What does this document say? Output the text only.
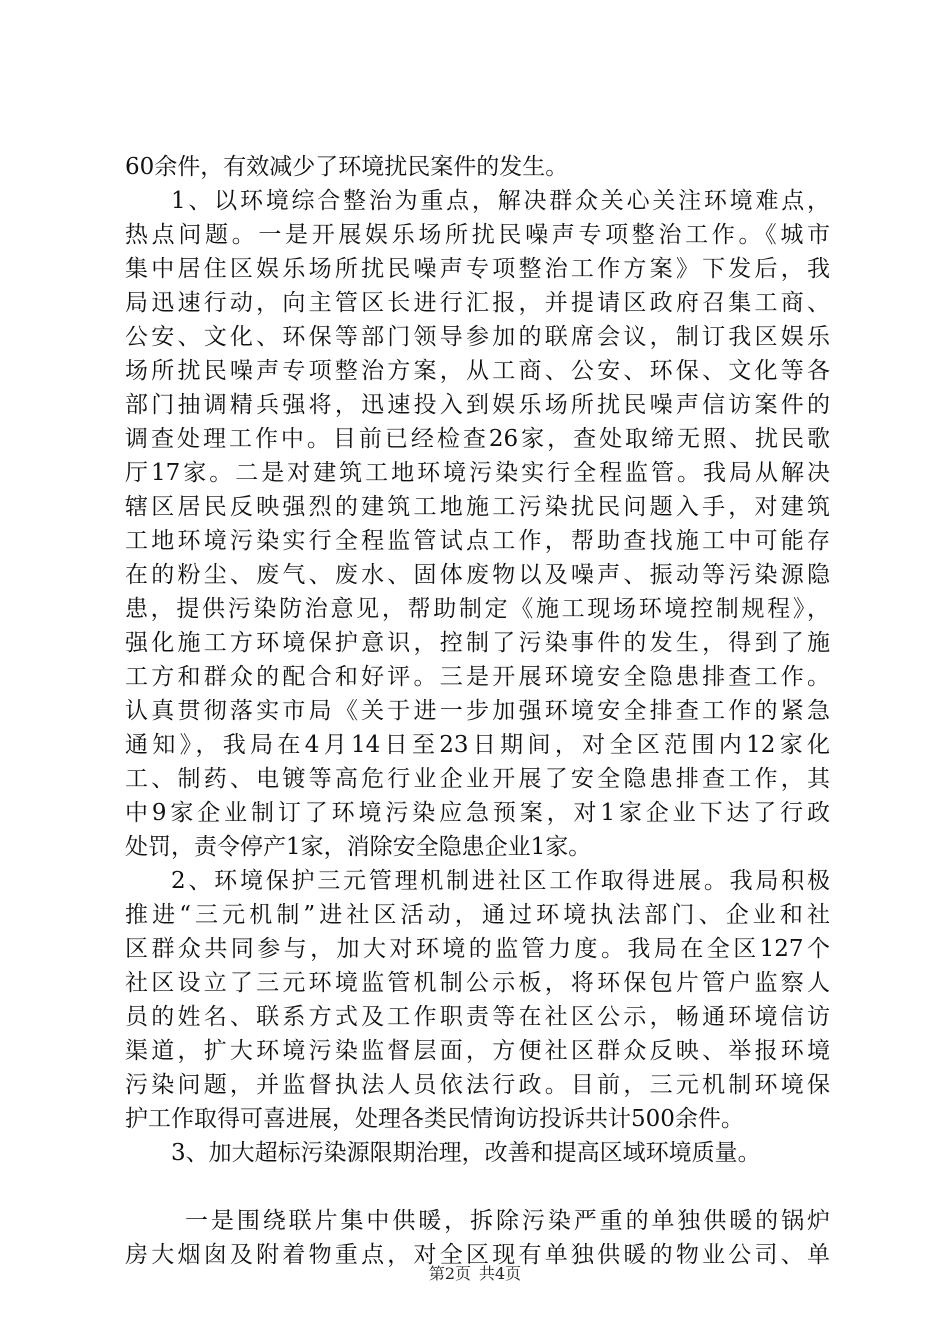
60余件，有效减少了环境扰民案件的发生。
1、以环境综合整治为重点，解决群众关心关注环境难点，
热点问题。一是开展娱乐场所扰民噪声专项整治工作。《城市
集中居住区娱乐场所扰民噪声专项整治工作方案》下发后，我
局迅速行动，向主管区长进行汇报，并提请区政府召集工商、
公安、文化、环保等部门领导参加的联席会议，制订我区娱乐
场所扰民噪声专项整治方案，从工商、公安、环保、文化等各
部门抽调精兵强将，迅速投入到娱乐场所扰民噪声信访案件的
调查处理工作中。目前已经检查26家，查处取缔无照、扰民歌
厅17家。二是对建筑工地环境污染实行全程监管。我局从解决
辖区居民反映强烈的建筑工地施工污染扰民问题入手，对建筑
工地环境污染实行全程监管试点工作，帮助查找施工中可能存
在的粉尘、废气、废水、固体废物以及噪声、振动等污染源隐
患，提供污染防治意见，帮助制定《施工现场环境控制规程》，
强化施工方环境保护意识，控制了污染事件的发生，得到了施
工方和群众的配合和好评。三是开展环境安全隐患排查工作。
认真贯彻落实市局《关于进一步加强环境安全排查工作的紧急
通知》，我局在4月14日至23日期间，对全区范围内12家化
工、制药、电镀等高危行业企业开展了安全隐患排查工作，其
中9家企业制订了环境污染应急预案，对1家企业下达了行政
处罚，责令停产1家，消除安全隐患企业1家。
2、环境保护三元管理机制进社区工作取得进展。我局积极
推进“三元机制”进社区活动，通过环境执法部门、企业和社
区群众共同参与，加大对环境的监管力度。我局在全区127个
社区设立了三元环境监管机制公示板，将环保包片管户监察人
员的姓名、联系方式及工作职责等在社区公示，畅通环境信访
渠道，扩大环境污染监督层面，方便社区群众反映、举报环境
污染问题，并监督执法人员依法行政。目前，三元机制环境保
护工作取得可喜进展，处理各类民情询访投诉共计500余件。
3、加大超标污染源限期治理，改善和提高区域环境质量。
一是围绕联片集中供暖，拆除污染严重的单独供暖的锅炉
房大烟囱及附着物重点，对全区现有单独供暖的物业公司、单
第2页 共4页
